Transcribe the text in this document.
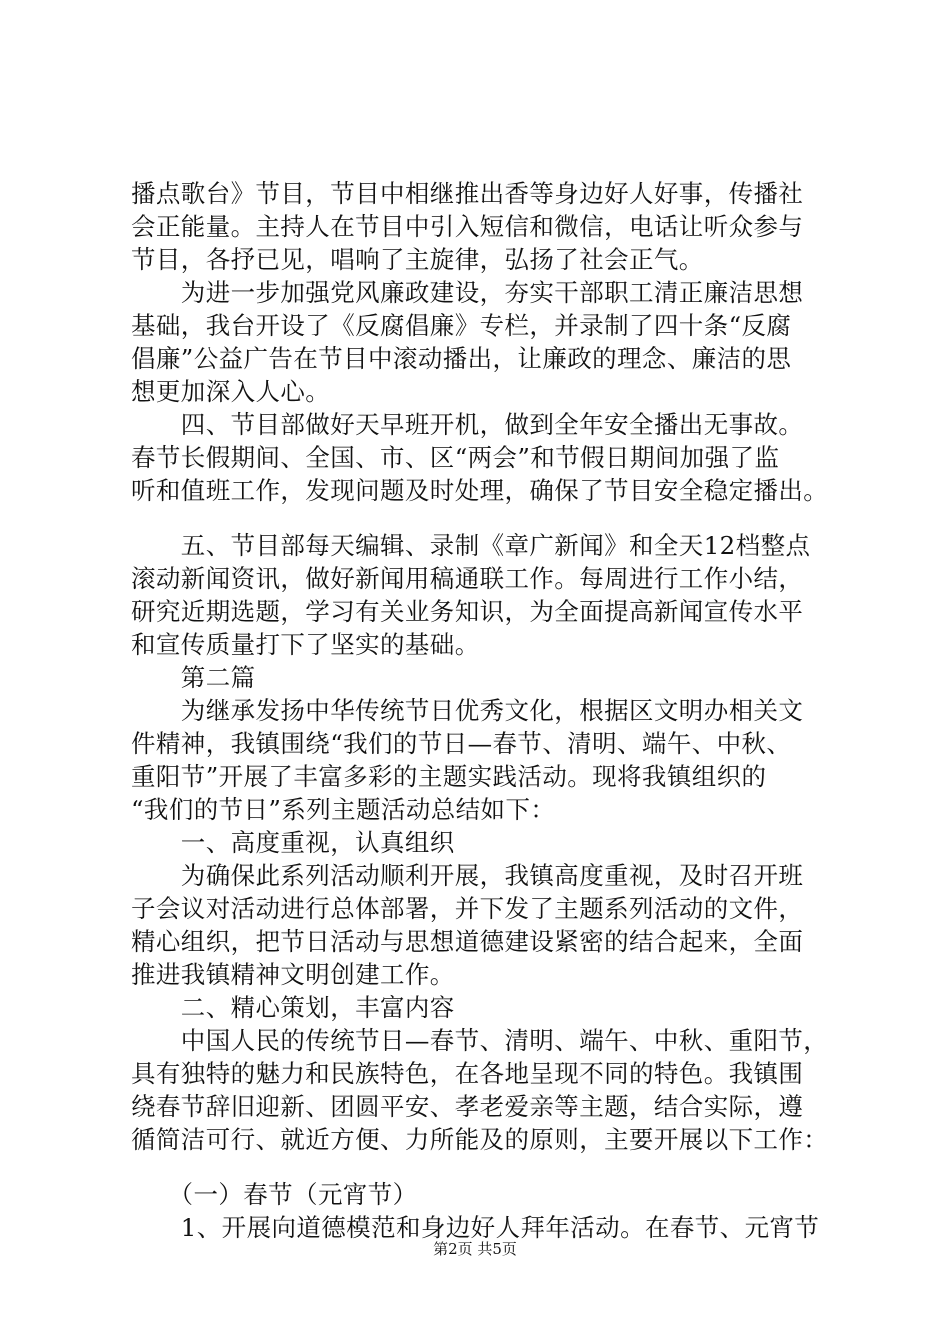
播点歌台》节目，节目中相继推出香等身边好人好事，传播社
会正能量。主持人在节目中引入短信和微信，电话让听众参与
节目，各抒已见，唱响了主旋律，弘扬了社会正气。
　　为进一步加强党风廉政建设，夯实干部职工清正廉洁思想
基础，我台开设了《反腐倡廉》专栏，并录制了四十条“反腐
倡廉”公益广告在节目中滚动播出，让廉政的理念、廉洁的思
想更加深入人心。
　　四、节目部做好天早班开机，做到全年安全播出无事故。
春节长假期间、全国、市、区“两会”和节假日期间加强了监
听和值班工作，发现问题及时处理，确保了节目安全稳定播出。
　　五、节目部每天编辑、录制《章广新闻》和全天12档整点
滚动新闻资讯，做好新闻用稿通联工作。每周进行工作小结，
研究近期选题，学习有关业务知识，为全面提高新闻宣传水平
和宣传质量打下了坚实的基础。
　　第二篇
　　为继承发扬中华传统节日优秀文化，根据区文明办相关文
件精神，我镇围绕“我们的节日—春节、清明、端午、中秋、
重阳节”开展了丰富多彩的主题实践活动。现将我镇组织的
“我们的节日”系列主题活动总结如下：
　　一、高度重视，认真组织
　　为确保此系列活动顺利开展，我镇高度重视，及时召开班
子会议对活动进行总体部署，并下发了主题系列活动的文件，
精心组织，把节日活动与思想道德建设紧密的结合起来，全面
推进我镇精神文明创建工作。
　　二、精心策划，丰富内容
　　中国人民的传统节日—春节、清明、端午、中秋、重阳节，
具有独特的魅力和民族特色，在各地呈现不同的特色。我镇围
绕春节辞旧迎新、团圆平安、孝老爱亲等主题，结合实际，遵
循简洁可行、就近方便、力所能及的原则，主要开展以下工作：
　　（一）春节（元宵节）
　　1、开展向道德模范和身边好人拜年活动。在春节、元宵节
第2页 共5页
